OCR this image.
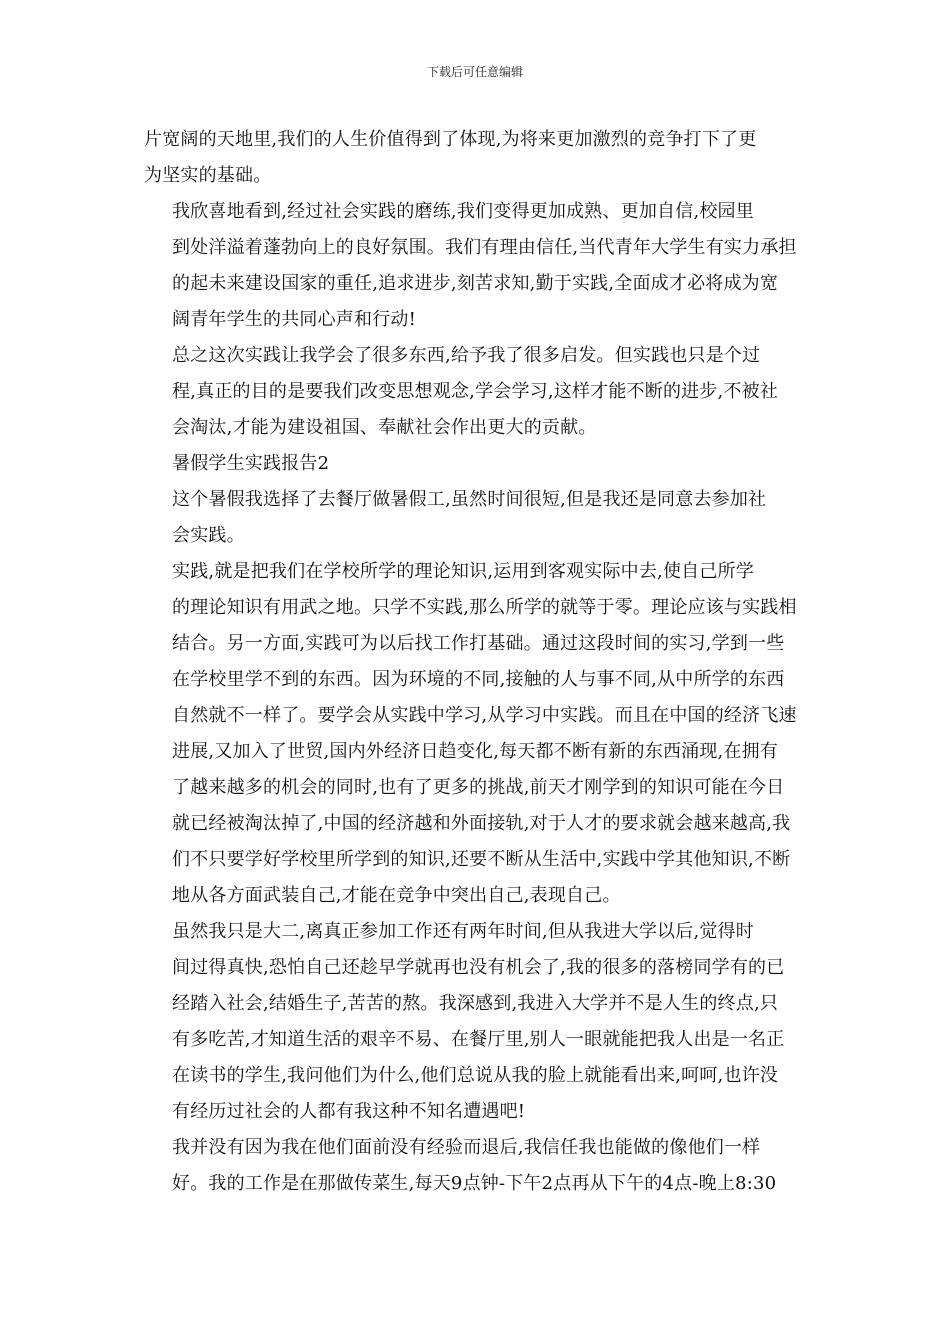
下载后可任意编辑

片宽阔的天地里,我们的人生价值得到了体现,为将来更加激烈的竞争打下了更
为坚实的基础。

我欣喜地看到,经过社会实践的磨练,我们变得更加成熟、更加自信,校园里
到处洋溢着蓬勃向上的良好氛围。我们有理由信任,当代青年大学生有实力承担
的起未来建设国家的重任,追求进步,刻苦求知,勤于实践,全面成才必将成为宽
阔青年学生的共同心声和行动!

总之这次实践让我学会了很多东西,给予我了很多启发。但实践也只是个过
程,真正的目的是要我们改变思想观念,学会学习,这样才能不断的进步,不被社
会淘汰,才能为建设祖国、奉献社会作出更大的贡献。

暑假学生实践报告2

这个暑假我选择了去餐厅做暑假工,虽然时间很短,但是我还是同意去参加社
会实践。

实践,就是把我们在学校所学的理论知识,运用到客观实际中去,使自己所学
的理论知识有用武之地。只学不实践,那么所学的就等于零。理论应该与实践相
结合。另一方面,实践可为以后找工作打基础。通过这段时间的实习,学到一些
在学校里学不到的东西。因为环境的不同,接触的人与事不同,从中所学的东西
自然就不一样了。要学会从实践中学习,从学习中实践。而且在中国的经济飞速
进展,又加入了世贸,国内外经济日趋变化,每天都不断有新的东西涌现,在拥有
了越来越多的机会的同时,也有了更多的挑战,前天才刚学到的知识可能在今日
就已经被淘汰掉了,中国的经济越和外面接轨,对于人才的要求就会越来越高,我
们不只要学好学校里所学到的知识,还要不断从生活中,实践中学其他知识,不断
地从各方面武装自己,才能在竞争中突出自己,表现自己。

虽然我只是大二,离真正参加工作还有两年时间,但从我进大学以后,觉得时
间过得真快,恐怕自己还趁早学就再也没有机会了,我的很多的落榜同学有的已
经踏入社会,结婚生子,苦苦的熬。我深感到,我进入大学并不是人生的终点,只
有多吃苦,才知道生活的艰辛不易、在餐厅里,别人一眼就能把我人出是一名正
在读书的学生,我问他们为什么,他们总说从我的脸上就能看出来,呵呵,也许没
有经历过社会的人都有我这种不知名遭遇吧!

我并没有因为我在他们面前没有经验而退后,我信任我也能做的像他们一样
好。我的工作是在那做传菜生,每天9点钟-下午2点再从下午的4点-晚上8:30
